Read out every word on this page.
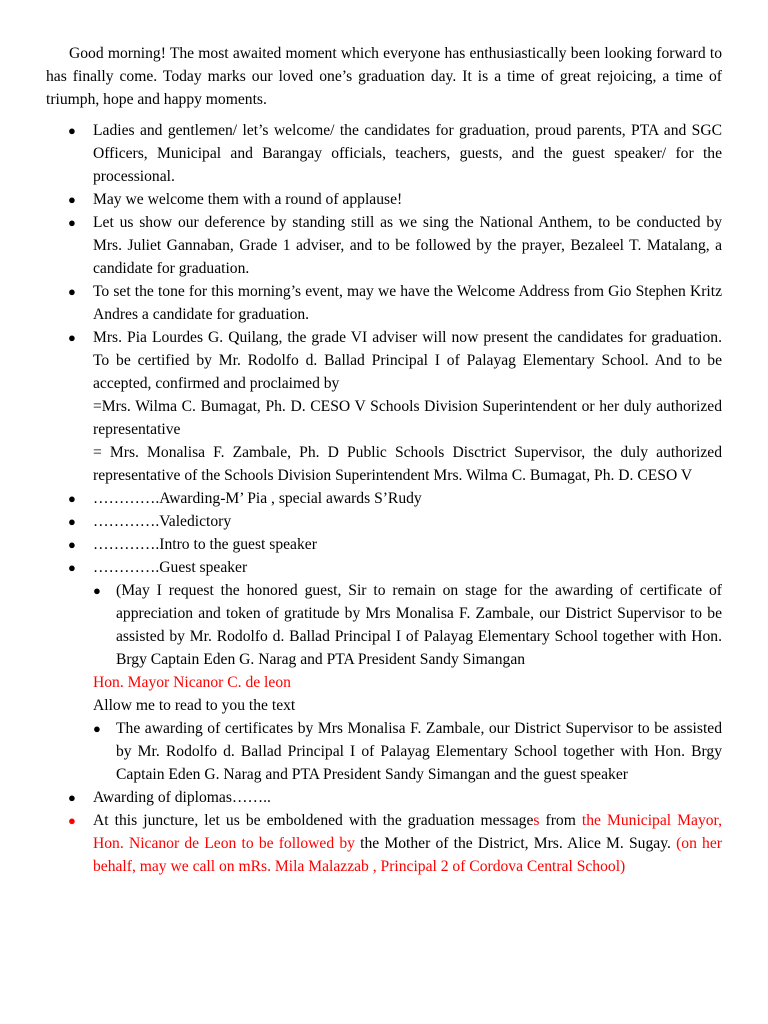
Good morning! The most awaited moment which everyone has enthusiastically been looking forward to has finally come. Today marks our loved one’s graduation day. It is a time of great rejoicing, a time of triumph, hope and happy moments.

● Ladies and gentlemen/ let’s welcome/ the candidates for graduation, proud parents, PTA and SGC Officers, Municipal and Barangay officials, teachers, guests, and the guest speaker/ for the processional.

● May we welcome them with a round of applause!

● Let us show our deference by standing still as we sing the National Anthem, to be conducted by Mrs. Juliet Gannaban, Grade 1 adviser, and to be followed by the prayer, Bezaleel T. Matalang, a candidate for graduation.

● To set the tone for this morning’s event, may we have the Welcome Address from Gio Stephen Kritz Andres a candidate for graduation.

● Mrs. Pia Lourdes G. Quilang, the grade VI adviser will now present the candidates for graduation. To be certified by Mr. Rodolfo d. Ballad Principal I of Palayag Elementary School. And to be accepted, confirmed and proclaimed by

=Mrs. Wilma C. Bumagat, Ph. D. CESO V Schools Division Superintendent or her duly authorized representative

= Mrs. Monalisa F. Zambale, Ph. D Public Schools Disctrict Supervisor, the duly authorized representative of the Schools Division Superintendent Mrs. Wilma C. Bumagat, Ph. D. CESO V

● ………….Awarding-M’ Pia , special awards S’Rudy

● ………….Valedictory

● ………….Intro to the guest speaker

● ………….Guest speaker

● (May I request the honored guest, Sir to remain on stage for the awarding of certificate of appreciation and token of gratitude by Mrs Monalisa F. Zambale, our District Supervisor to be assisted by Mr. Rodolfo d. Ballad Principal I of Palayag Elementary School together with Hon. Brgy Captain Eden G. Narag and PTA President Sandy Simangan

Hon. Mayor Nicanor C. de leon

Allow me to read to you the text

● The awarding of certificates by Mrs Monalisa F. Zambale, our District Supervisor to be assisted by Mr. Rodolfo d. Ballad Principal I of Palayag Elementary School together with Hon. Brgy Captain Eden G. Narag and PTA President Sandy Simangan and the guest speaker

● Awarding of diplomas……..

● At this juncture, let us be emboldened with the graduation messages from the Municipal Mayor, Hon. Nicanor de Leon to be followed by the Mother of the District, Mrs. Alice M. Sugay. (on her behalf, may we call on mRs. Mila Malazzab , Principal 2 of Cordova Central School)
